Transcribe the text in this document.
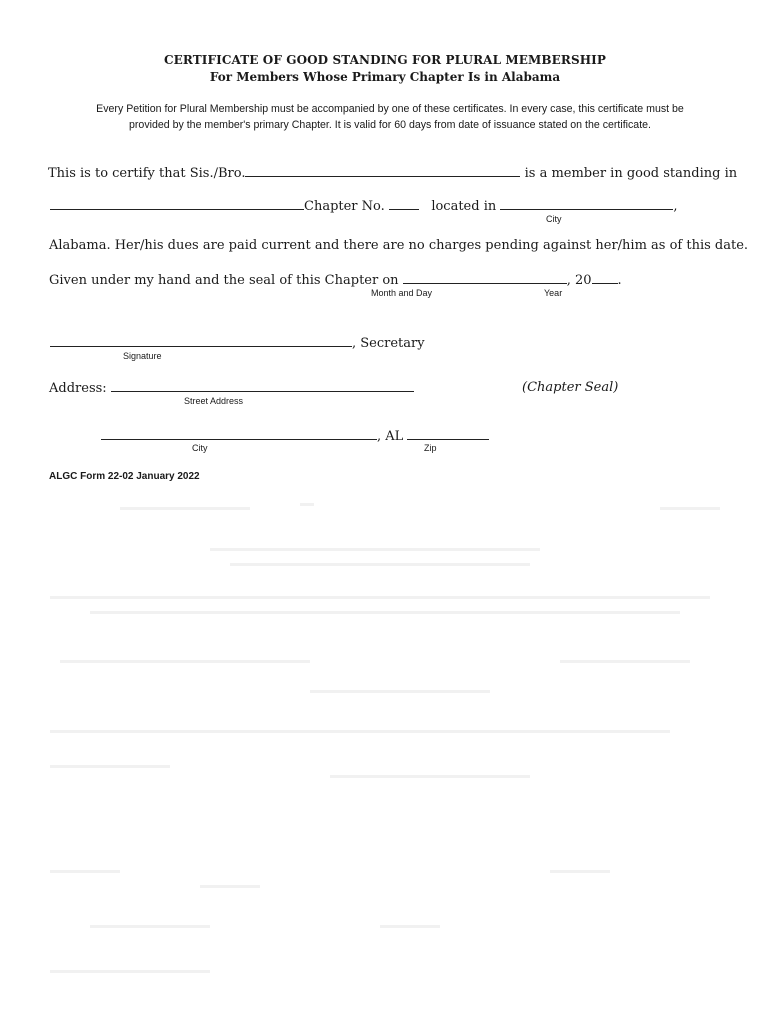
CERTIFICATE OF GOOD STANDING FOR PLURAL MEMBERSHIP
For Members Whose Primary Chapter Is in Alabama
Every Petition for Plural Membership must be accompanied by one of these certificates. In every case, this certificate must be
provided by the member's primary Chapter. It is valid for 60 days from date of issuance stated on the certificate.
This is to certify that Sis./Bro.	is a member in good standing in
Chapter No.	located in	,
City
Alabama. Her/his dues are paid current and there are no charges pending against her/him as of this date.
Given under my hand and the seal of this Chapter on	, 20 .
Month and Day	Year
, Secretary
Signature
Address:
Street Address
(Chapter Seal)
, AL
City	Zip
ALGC Form 22-02 January 2022
